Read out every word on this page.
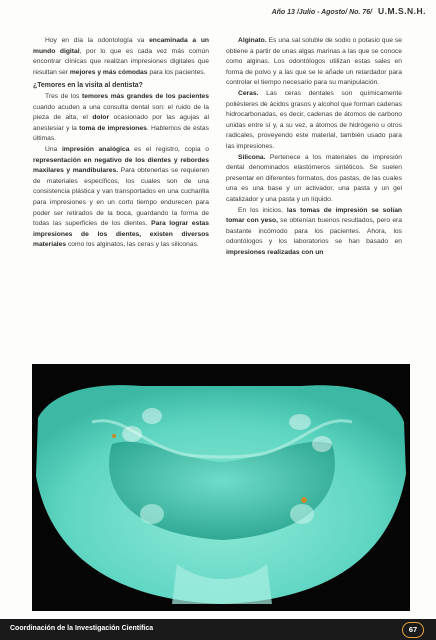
Año 13 /Julio - Agosto/ No. 76/ U.M.S.N.H.

Hoy en día la odontología va encaminada a un mundo digital, por lo que es cada vez más común encontrar clínicas que realizan impresiones digitales que resultan ser mejores y más cómodas para los pacientes.

¿Temores en la visita al dentista?

Tres de los temores más grandes de los pacientes cuando acuden a una consulta dental son: el ruido de la pieza de alta, el dolor ocasionado por las agujas al anestesiar y la toma de impresiones. Hablemos de estas últimas.

Una impresión analógica es el registro, copia o representación en negativo de los dientes y rebordes maxilares y mandibulares. Para obtenerlas se requieren de materiales específicos, los cuales son de una consistencia plástica y van transportados en una cucharilla para impresiones y en un corto tiempo endurecen para poder ser retirados de la boca, guardando la forma de todas las superficies de los dientes. Para lograr estas impresiones de los dientes, existen diversos materiales como los alginatos, las ceras y las siliconas.

Alginato. Es una sal soluble de sodio o potasio que se obtiene a partir de unas algas marinas a las que se conoce como alginas. Los odontólogos utilizan estas sales en forma de polvo y a las que se le añade un retardador para controlar el tiempo necesario para su manipulación.

Ceras. Las ceras dentales son químicamente poliésteres de ácidos grasos y alcohol que forman cadenas hidrocarbonadas, es decir, cadenas de átomos de carbono unidas entre sí y, a su vez, a átomos de hidrógeno u otros radicales, proveyendo este material, también usado para las impresiones.

Silicona. Pertenece a los materiales de impresión dental denominados elastómeros sintéticos. Se suelen presentar en diferentes formatos, dos pastas, de las cuales una es una base y un activador, una pasta y un gel catalizador y una pasta y un líquido.

En los inicios, las tomas de impresión se solían tomar con yeso, se obtenían buenos resultados, pero era bastante incómodo para los pacientes. Ahora, los odontólogos y los laboratorios se han basado en impresiones realizadas con un

Coordinación de la Investigación Científica	67
